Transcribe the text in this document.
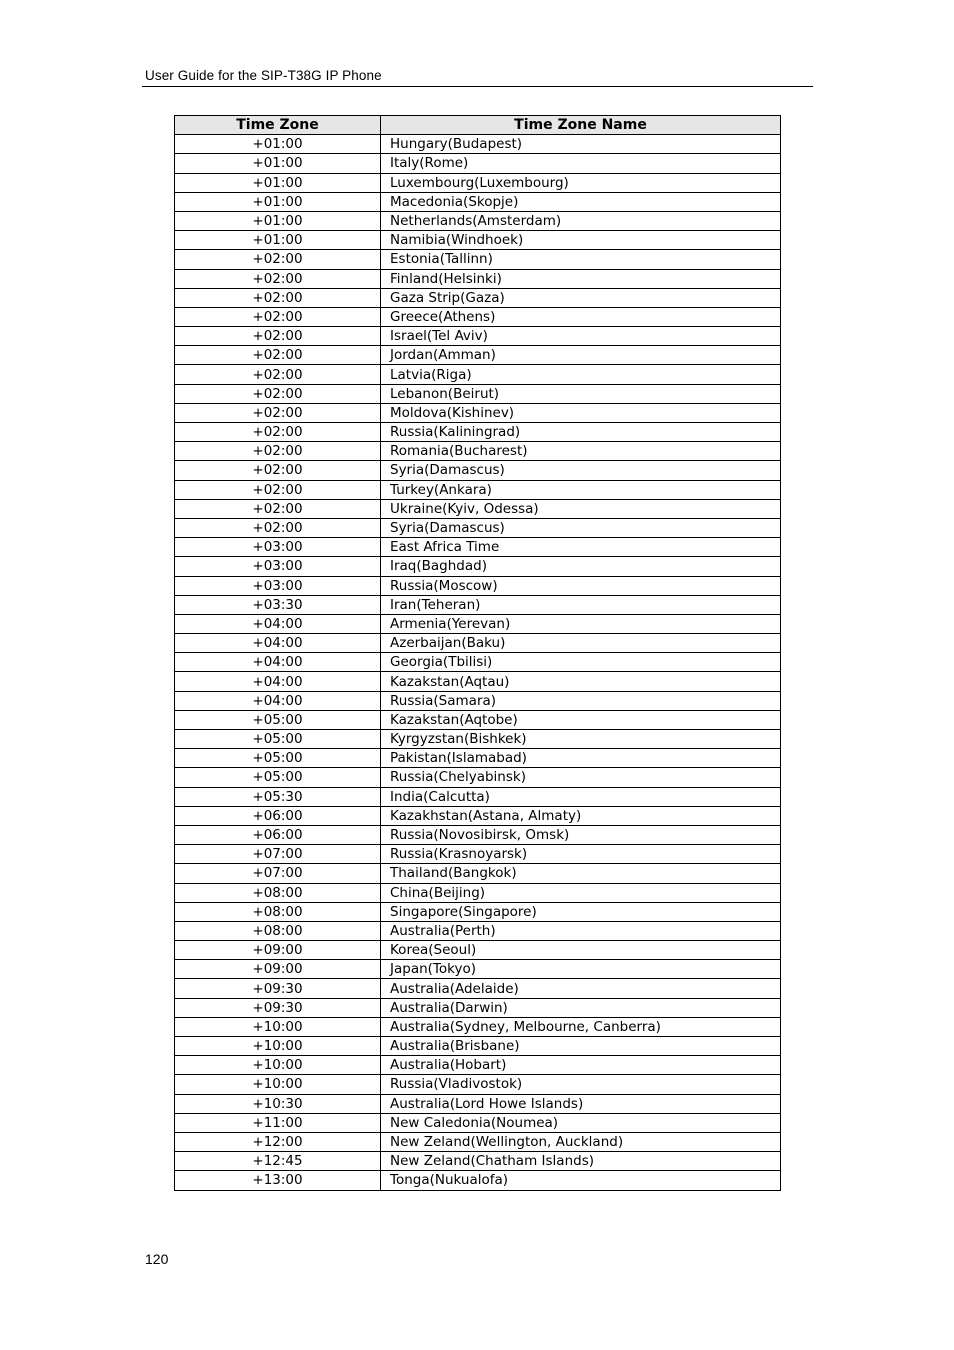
User Guide for the SIP-T38G IP Phone
Time Zone	Time Zone Name
+01:00	Hungary(Budapest)
+01:00	Italy(Rome)
+01:00	Luxembourg(Luxembourg)
+01:00	Macedonia(Skopje)
+01:00	Netherlands(Amsterdam)
+01:00	Namibia(Windhoek)
+02:00	Estonia(Tallinn)
+02:00	Finland(Helsinki)
+02:00	Gaza Strip(Gaza)
+02:00	Greece(Athens)
+02:00	Israel(Tel Aviv)
+02:00	Jordan(Amman)
+02:00	Latvia(Riga)
+02:00	Lebanon(Beirut)
+02:00	Moldova(Kishinev)
+02:00	Russia(Kaliningrad)
+02:00	Romania(Bucharest)
+02:00	Syria(Damascus)
+02:00	Turkey(Ankara)
+02:00	Ukraine(Kyiv, Odessa)
+02:00	Syria(Damascus)
+03:00	East Africa Time
+03:00	Iraq(Baghdad)
+03:00	Russia(Moscow)
+03:30	Iran(Teheran)
+04:00	Armenia(Yerevan)
+04:00	Azerbaijan(Baku)
+04:00	Georgia(Tbilisi)
+04:00	Kazakstan(Aqtau)
+04:00	Russia(Samara)
+05:00	Kazakstan(Aqtobe)
+05:00	Kyrgyzstan(Bishkek)
+05:00	Pakistan(Islamabad)
+05:00	Russia(Chelyabinsk)
+05:30	India(Calcutta)
+06:00	Kazakhstan(Astana, Almaty)
+06:00	Russia(Novosibirsk, Omsk)
+07:00	Russia(Krasnoyarsk)
+07:00	Thailand(Bangkok)
+08:00	China(Beijing)
+08:00	Singapore(Singapore)
+08:00	Australia(Perth)
+09:00	Korea(Seoul)
+09:00	Japan(Tokyo)
+09:30	Australia(Adelaide)
+09:30	Australia(Darwin)
+10:00	Australia(Sydney, Melbourne, Canberra)
+10:00	Australia(Brisbane)
+10:00	Australia(Hobart)
+10:00	Russia(Vladivostok)
+10:30	Australia(Lord Howe Islands)
+11:00	New Caledonia(Noumea)
+12:00	New Zeland(Wellington, Auckland)
+12:45	New Zeland(Chatham Islands)
+13:00	Tonga(Nukualofa)
120
